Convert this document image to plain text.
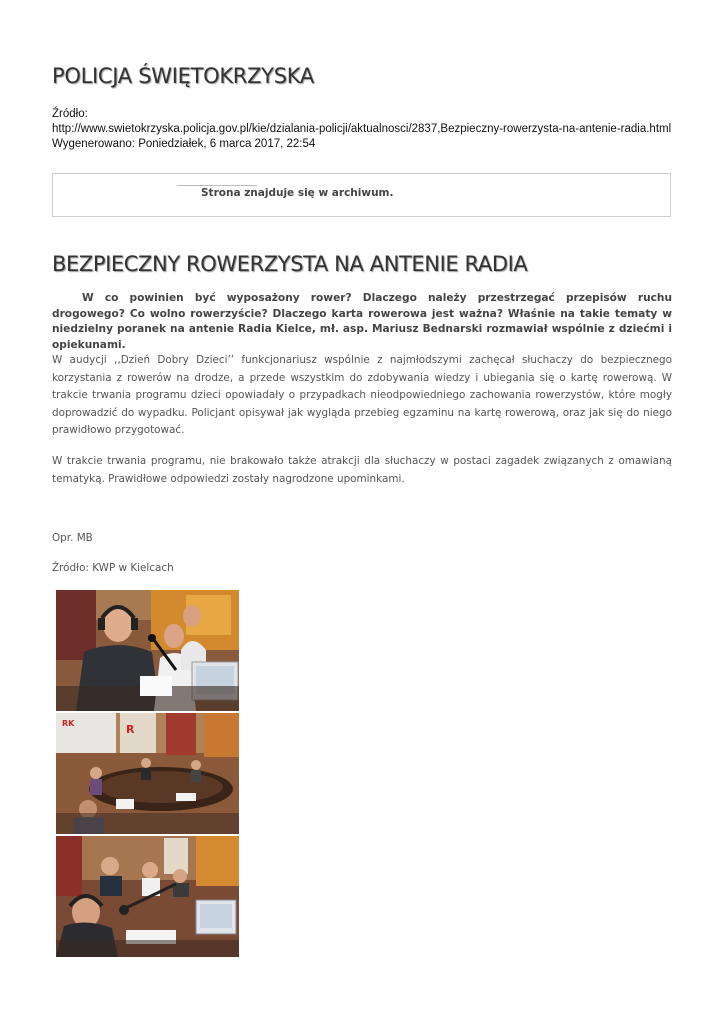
POLICJA ŚWIĘTOKRZYSKA
Źródło:
http://www.swietokrzyska.policja.gov.pl/kie/dzialania-policji/aktualnosci/2837,Bezpieczny-rowerzysta-na-antenie-radia.html
Wygenerowano: Poniedziałek, 6 marca 2017, 22:54
Strona znajduje się w archiwum.
BEZPIECZNY ROWERZYSTA NA ANTENIE RADIA

W co powinien być wyposażony rower? Dlaczego należy przestrzegać przepisów ruchu drogowego? Co wolno rowerzyście? Dlaczego karta rowerowa jest ważna? Właśnie na takie tematy w niedzielny poranek na antenie Radia Kielce, mł. asp. Mariusz Bednarski rozmawiał wspólnie z dziećmi i opiekunami.

W audycji ,,Dzień Dobry Dzieci’’ funkcjonariusz wspólnie z najmłodszymi zachęcał słuchaczy do bezpiecznego korzystania z rowerów na drodze, a przede wszystkim do zdobywania wiedzy i ubiegania się o kartę rowerową. W trakcie trwania programu dzieci opowiadały o przypadkach nieodpowiedniego zachowania rowerzystów, które mogły doprowadzić do wypadku. Policjant opisywał jak wygląda przebieg egzaminu na kartę rowerową, oraz jak się do niego prawidłowo przygotować.

W trakcie trwania programu, nie brakowało także atrakcji dla słuchaczy w postaci zagadek związanych z omawianą tematyką. Prawidłowe odpowiedzi zostały nagrodzone upominkami.

Opr. MB

Źródło: KWP w Kielcach

RK	R
